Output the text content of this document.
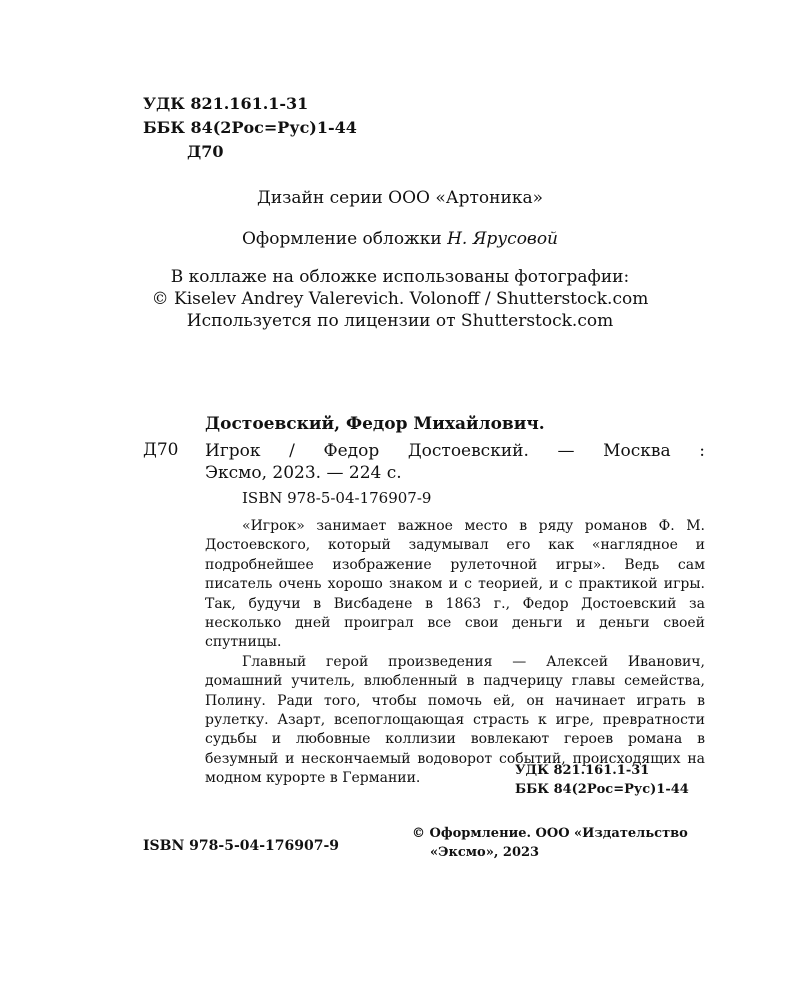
УДК 821.161.1-31
ББК 84(2Рос=Рус)1-44
Д70
Дизайн серии ООО «Артоника»
Оформление обложки Н. Ярусовой
В коллаже на обложке использованы фотографии:
© Kiselev Andrey Valerevich. Volonoff / Shutterstock.com
Используется по лицензии от Shutterstock.com
Достоевский, Федор Михайлович.
Д70 Игрок / Федор Достоевский. — Москва :
Эксмо, 2023. — 224 с.
ISBN 978-5-04-176907-9

«Игрок» занимает важное место в ряду романов Ф. М. Достоевского, который задумывал его как «наглядное и подробнейшее изображение рулеточной игры». Ведь сам писатель очень хорошо знаком и с теорией, и с практикой игры. Так, будучи в Висбадене в 1863 г., Федор Достоевский за несколько дней проиграл все свои деньги и деньги своей спутницы.

Главный герой произведения — Алексей Иванович, домашний учитель, влюбленный в падчерицу главы семейства, Полину. Ради того, чтобы помочь ей, он начинает играть в рулетку. Азарт, всепоглощающая страсть к игре, превратности судьбы и любовные коллизии вовлекают героев романа в безумный и нескончаемый водоворот событий, происходящих на модном курорте в Германии.	УДК 821.161.1-31
ББК 84(2Рос=Рус)1-44
ISBN 978-5-04-176907-9
© Оформление. ООО «Издательство
«Эксмо», 2023
